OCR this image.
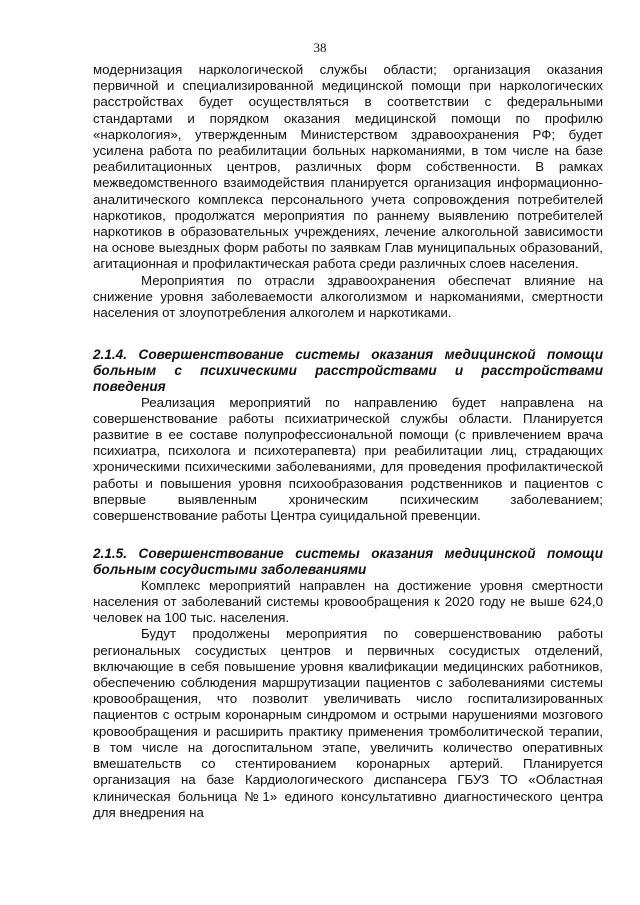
38

модернизация наркологической службы области; организация оказания первичной и специализированной медицинской помощи при наркологических расстройствах будет осуществляться в соответствии с федеральными стандартами и порядком оказания медицинской помощи по профилю «наркология», утвержденным Министерством здравоохранения РФ; будет усилена работа по реабилитации больных наркоманиями, в том числе на базе реабилитационных центров, различных форм собственности. В рамках межведомственного взаимодействия планируется организация информационно-аналитического комплекса персонального учета сопровождения потребителей наркотиков, продолжатся мероприятия по раннему выявлению потребителей наркотиков в образовательных учреждениях, лечение алкогольной зависимости на основе выездных форм работы по заявкам Глав муниципальных образований, агитационная и профилактическая работа среди различных слоев населения.

Мероприятия по отрасли здравоохранения обеспечат влияние на снижение уровня заболеваемости алкоголизмом и наркоманиями, смертности населения от злоупотребления алкоголем и наркотиками.

2.1.4. Совершенствование системы оказания медицинской помощи больным с психическими расстройствами и расстройствами поведения

Реализация мероприятий по направлению будет направлена на совершенствование работы психиатрической службы области. Планируется развитие в ее составе полупрофессиональной помощи (с привлечением врача психиатра, психолога и психотерапевта) при реабилитации лиц, страдающих хроническими психическими заболеваниями, для проведения профилактической работы и повышения уровня психообразования родственников и пациентов с впервые выявленным хроническим психическим заболеванием; совершенствование работы Центра суицидальной превенции.

2.1.5. Совершенствование системы оказания медицинской помощи больным сосудистыми заболеваниями

Комплекс мероприятий направлен на достижение уровня смертности населения от заболеваний системы кровообращения к 2020 году не выше 624,0 человек на 100 тыс. населения.

Будут продолжены мероприятия по совершенствованию работы региональных сосудистых центров и первичных сосудистых отделений, включающие в себя повышение уровня квалификации медицинских работников, обеспечению соблюдения маршрутизации пациентов с заболеваниями системы кровообращения, что позволит увеличивать число госпитализированных пациентов с острым коронарным синдромом и острыми нарушениями мозгового кровообращения и расширить практику применения тромболитической терапии, в том числе на догоспитальном этапе, увеличить количество оперативных вмешательств со стентированием коронарных артерий. Планируется организация на базе Кардиологического диспансера ГБУЗ ТО «Областная клиническая больница №1» единого консультативно диагностического центра для внедрения на
